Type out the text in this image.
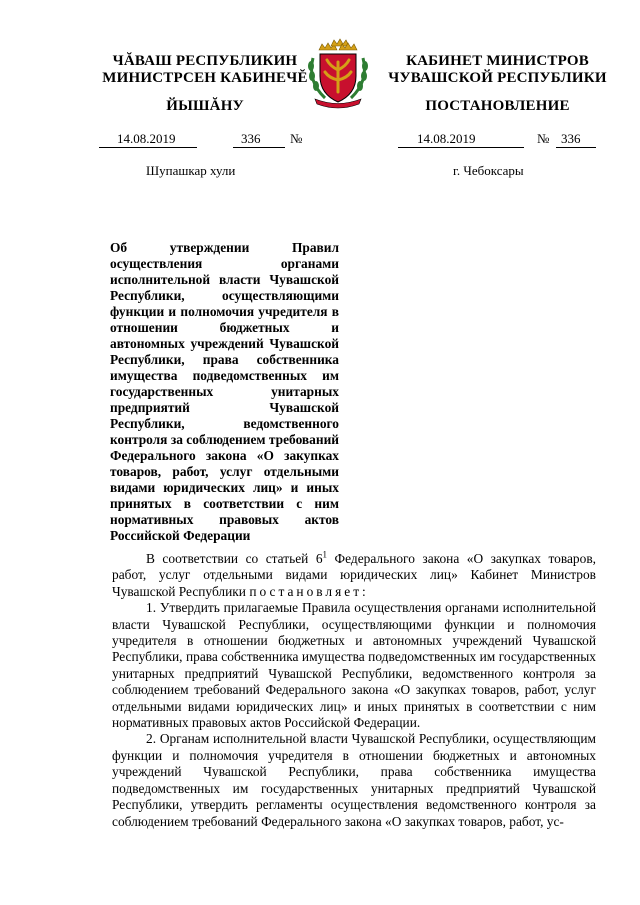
ЧĂВАШ РЕСПУБЛИКИН
МИНИСТРСЕН КАБИНЕЧĔ
ЙЫШĂНУ
КАБИНЕТ МИНИСТРОВ
ЧУВАШСКОЙ РЕСПУБЛИКИ
ПОСТАНОВЛЕНИЕ
14.08.2019	336 №	14.08.2019	№ 336
Шупашкар хули	г. Чебоксары
Об утверждении Правил осуществления органами исполнительной власти Чувашской Республики, осуществляющими функции и полномочия учредителя в отношении бюджетных и автономных учреждений Чувашской Республики, права собственника имущества подведомственных им государственных унитарных предприятий Чувашской Республики, ведомственного контроля за соблюдением требований Федерального закона «О закупках товаров, работ, услуг отдельными видами юридических лиц» и иных принятых в соответствии с ним нормативных правовых актов Российской Федерации

В соответствии со статьей $6^1$ Федерального закона «О закупках товаров, работ, услуг отдельными видами юридических лиц» Кабинет Министров Чувашской Республики постановляет:

1. Утвердить прилагаемые Правила осуществления органами исполнительной власти Чувашской Республики, осуществляющими функции и полномочия учредителя в отношении бюджетных и автономных учреждений Чувашской Республики, права собственника имущества подведомственных им государственных унитарных предприятий Чувашской Республики, ведомственного контроля за соблюдением требований Федерального закона «О закупках товаров, работ, услуг отдельными видами юридических лиц» и иных принятых в соответствии с ним нормативных правовых актов Российской Федерации.

2. Органам исполнительной власти Чувашской Республики, осуществляющим функции и полномочия учредителя в отношении бюджетных и автономных учреждений Чувашской Республики, права собственника имущества подведомственных им государственных унитарных предприятий Чувашской Республики, утвердить регламенты осуществления ведомственного контроля за соблюдением требований Федерального закона «О закупках товаров, работ, ус-
